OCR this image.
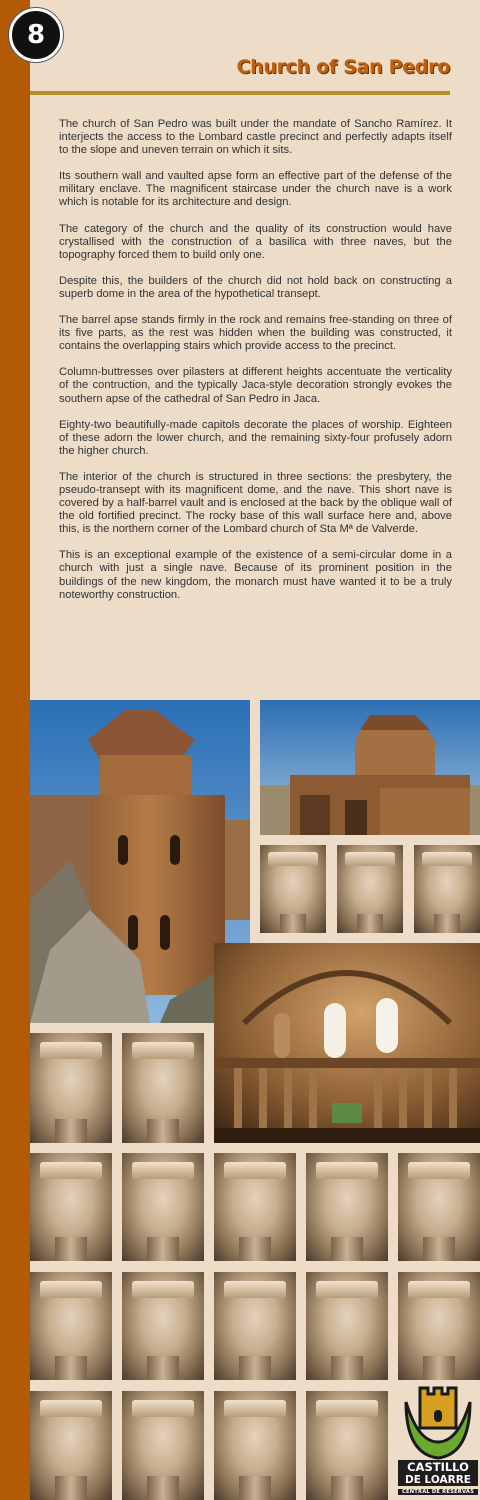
8
Church of San Pedro

The church of San Pedro was built under the mandate of Sancho Ramírez. It interjects the access to the Lombard castle precinct and perfectly adapts itself to the slope and uneven terrain on which it sits.

Its southern wall and vaulted apse form an effective part of the defense of the military enclave. The magnificent staircase under the church nave is a work which is notable for its architecture and design.

The category of the church and the quality of its construction would have crystallised with the construction of a basilica with three naves, but the topography forced them to build only one.

Despite this, the builders of the church did not hold back on constructing a superb dome in the area of the hypothetical transept.

The barrel apse stands firmly in the rock and remains free-standing on three of its five parts, as the rest was hidden when the building was constructed, it contains the overlapping stairs which provide access to the precinct.

Column-buttresses over pilasters at different heights accentuate the verticality of the contruction, and the typically Jaca-style decoration strongly evokes the southern apse of the cathedral of San Pedro in Jaca.

Eighty-two beautifully-made capitols decorate the places of worship. Eighteen of these adorn the lower church, and the remaining sixty-four profusely adorn the higher church.

The interior of the church is structured in three sections: the presbytery, the pseudo-transept with its magnificent dome, and the nave. This short nave is covered by a half-barrel vault and is enclosed at the back by the oblique wall of the old fortified precinct. The rocky base of this wall surface here and, above this, is the northern corner of the Lombard church of Sta Mª de Valverde.

This is an exceptional example of the existence of a semi-circular dome in a church with just a single nave. Because of its prominent position in the buildings of the new kingdom, the monarch must have wanted it to be a truly noteworthy construction.

CASTILLO
DE LOARRE
CENTRAL DE RESERVAS
